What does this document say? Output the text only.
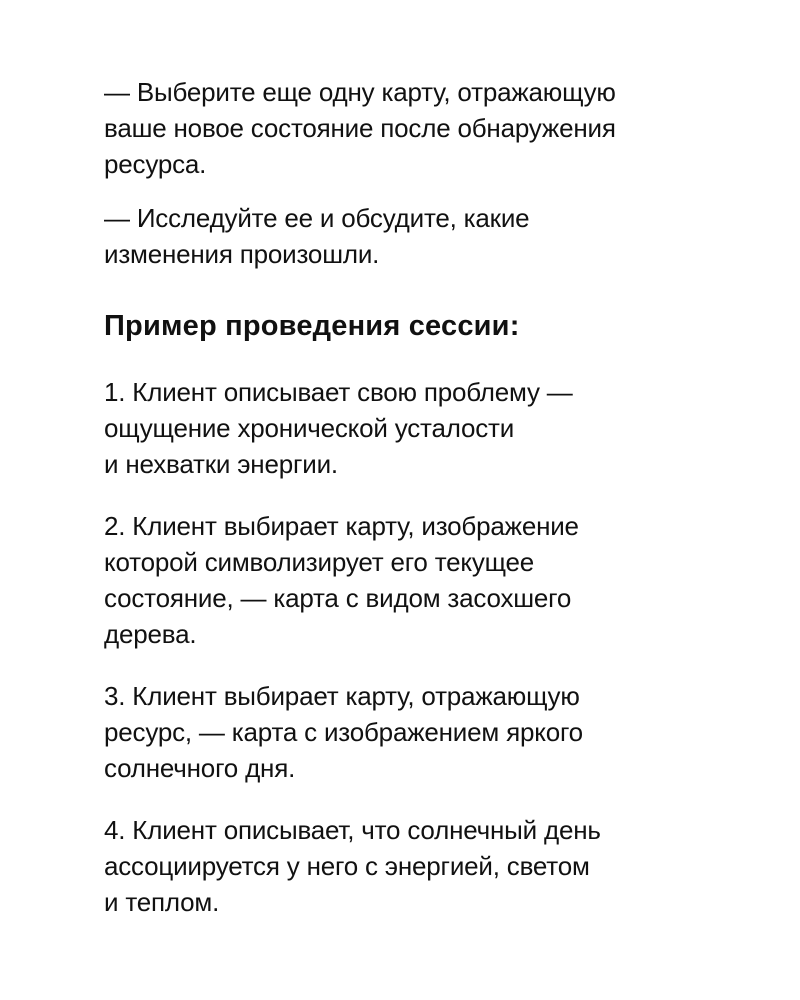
— Выберите еще одну карту, отражающую
ваше новое состояние после обнаружения
ресурса.

— Исследуйте ее и обсудите, какие
изменения произошли.

Пример проведения сессии:

1. Клиент описывает свою проблему —
ощущение хронической усталости
и нехватки энергии.

2. Клиент выбирает карту, изображение
которой символизирует его текущее
состояние, — карта с видом засохшего
дерева.

3. Клиент выбирает карту, отражающую
ресурс, — карта с изображением яркого
солнечного дня.

4. Клиент описывает, что солнечный день
ассоциируется у него с энергией, светом
и теплом.
